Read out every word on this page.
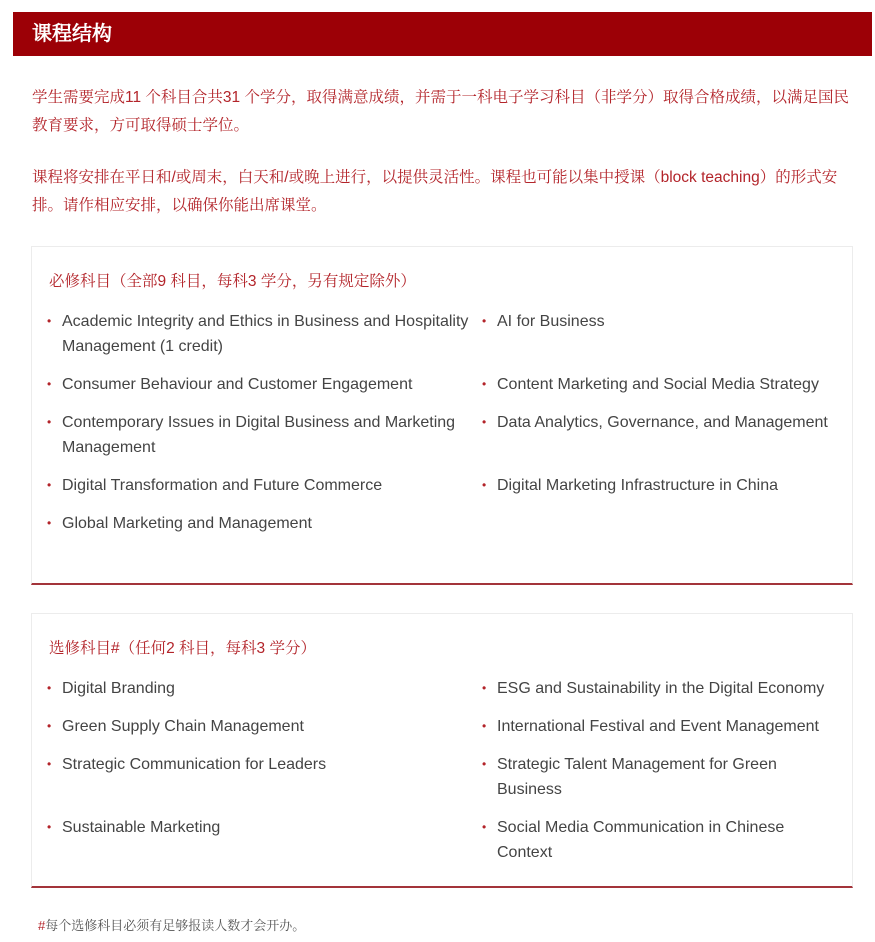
课程结构

学生需要完成11 个科目合共31 个学分，取得满意成绩，并需于一科电子学习科目（非学分）取得合格成绩，以满足国民教育要求，方可取得硕士学位。

课程将安排在平日和/或周末，白天和/或晚上进行，以提供灵活性。课程也可能以集中授课（block teaching）的形式安排。请作相应安排，以确保你能出席课堂。

必修科目（全部9 科目，每科3 学分，另有规定除外）
• Academic Integrity and Ethics in Business and Hospitality Management (1 credit)
• AI for Business
• Consumer Behaviour and Customer Engagement	• Content Marketing and Social Media Strategy
• Contemporary Issues in Digital Business and Marketing Management
• Data Analytics, Governance, and Management
• Digital Transformation and Future Commerce	• Digital Marketing Infrastructure in China
• Global Marketing and Management
选修科目#（任何2 科目，每科3 学分）
• Digital Branding	• ESG and Sustainability in the Digital Economy
• Green Supply Chain Management	• International Festival and Event Management
• Strategic Communication for Leaders	• Strategic Talent Management for Green Business
• Sustainable Marketing	• Social Media Communication in Chinese Context
#每个选修科目必须有足够报读人数才会开办。
